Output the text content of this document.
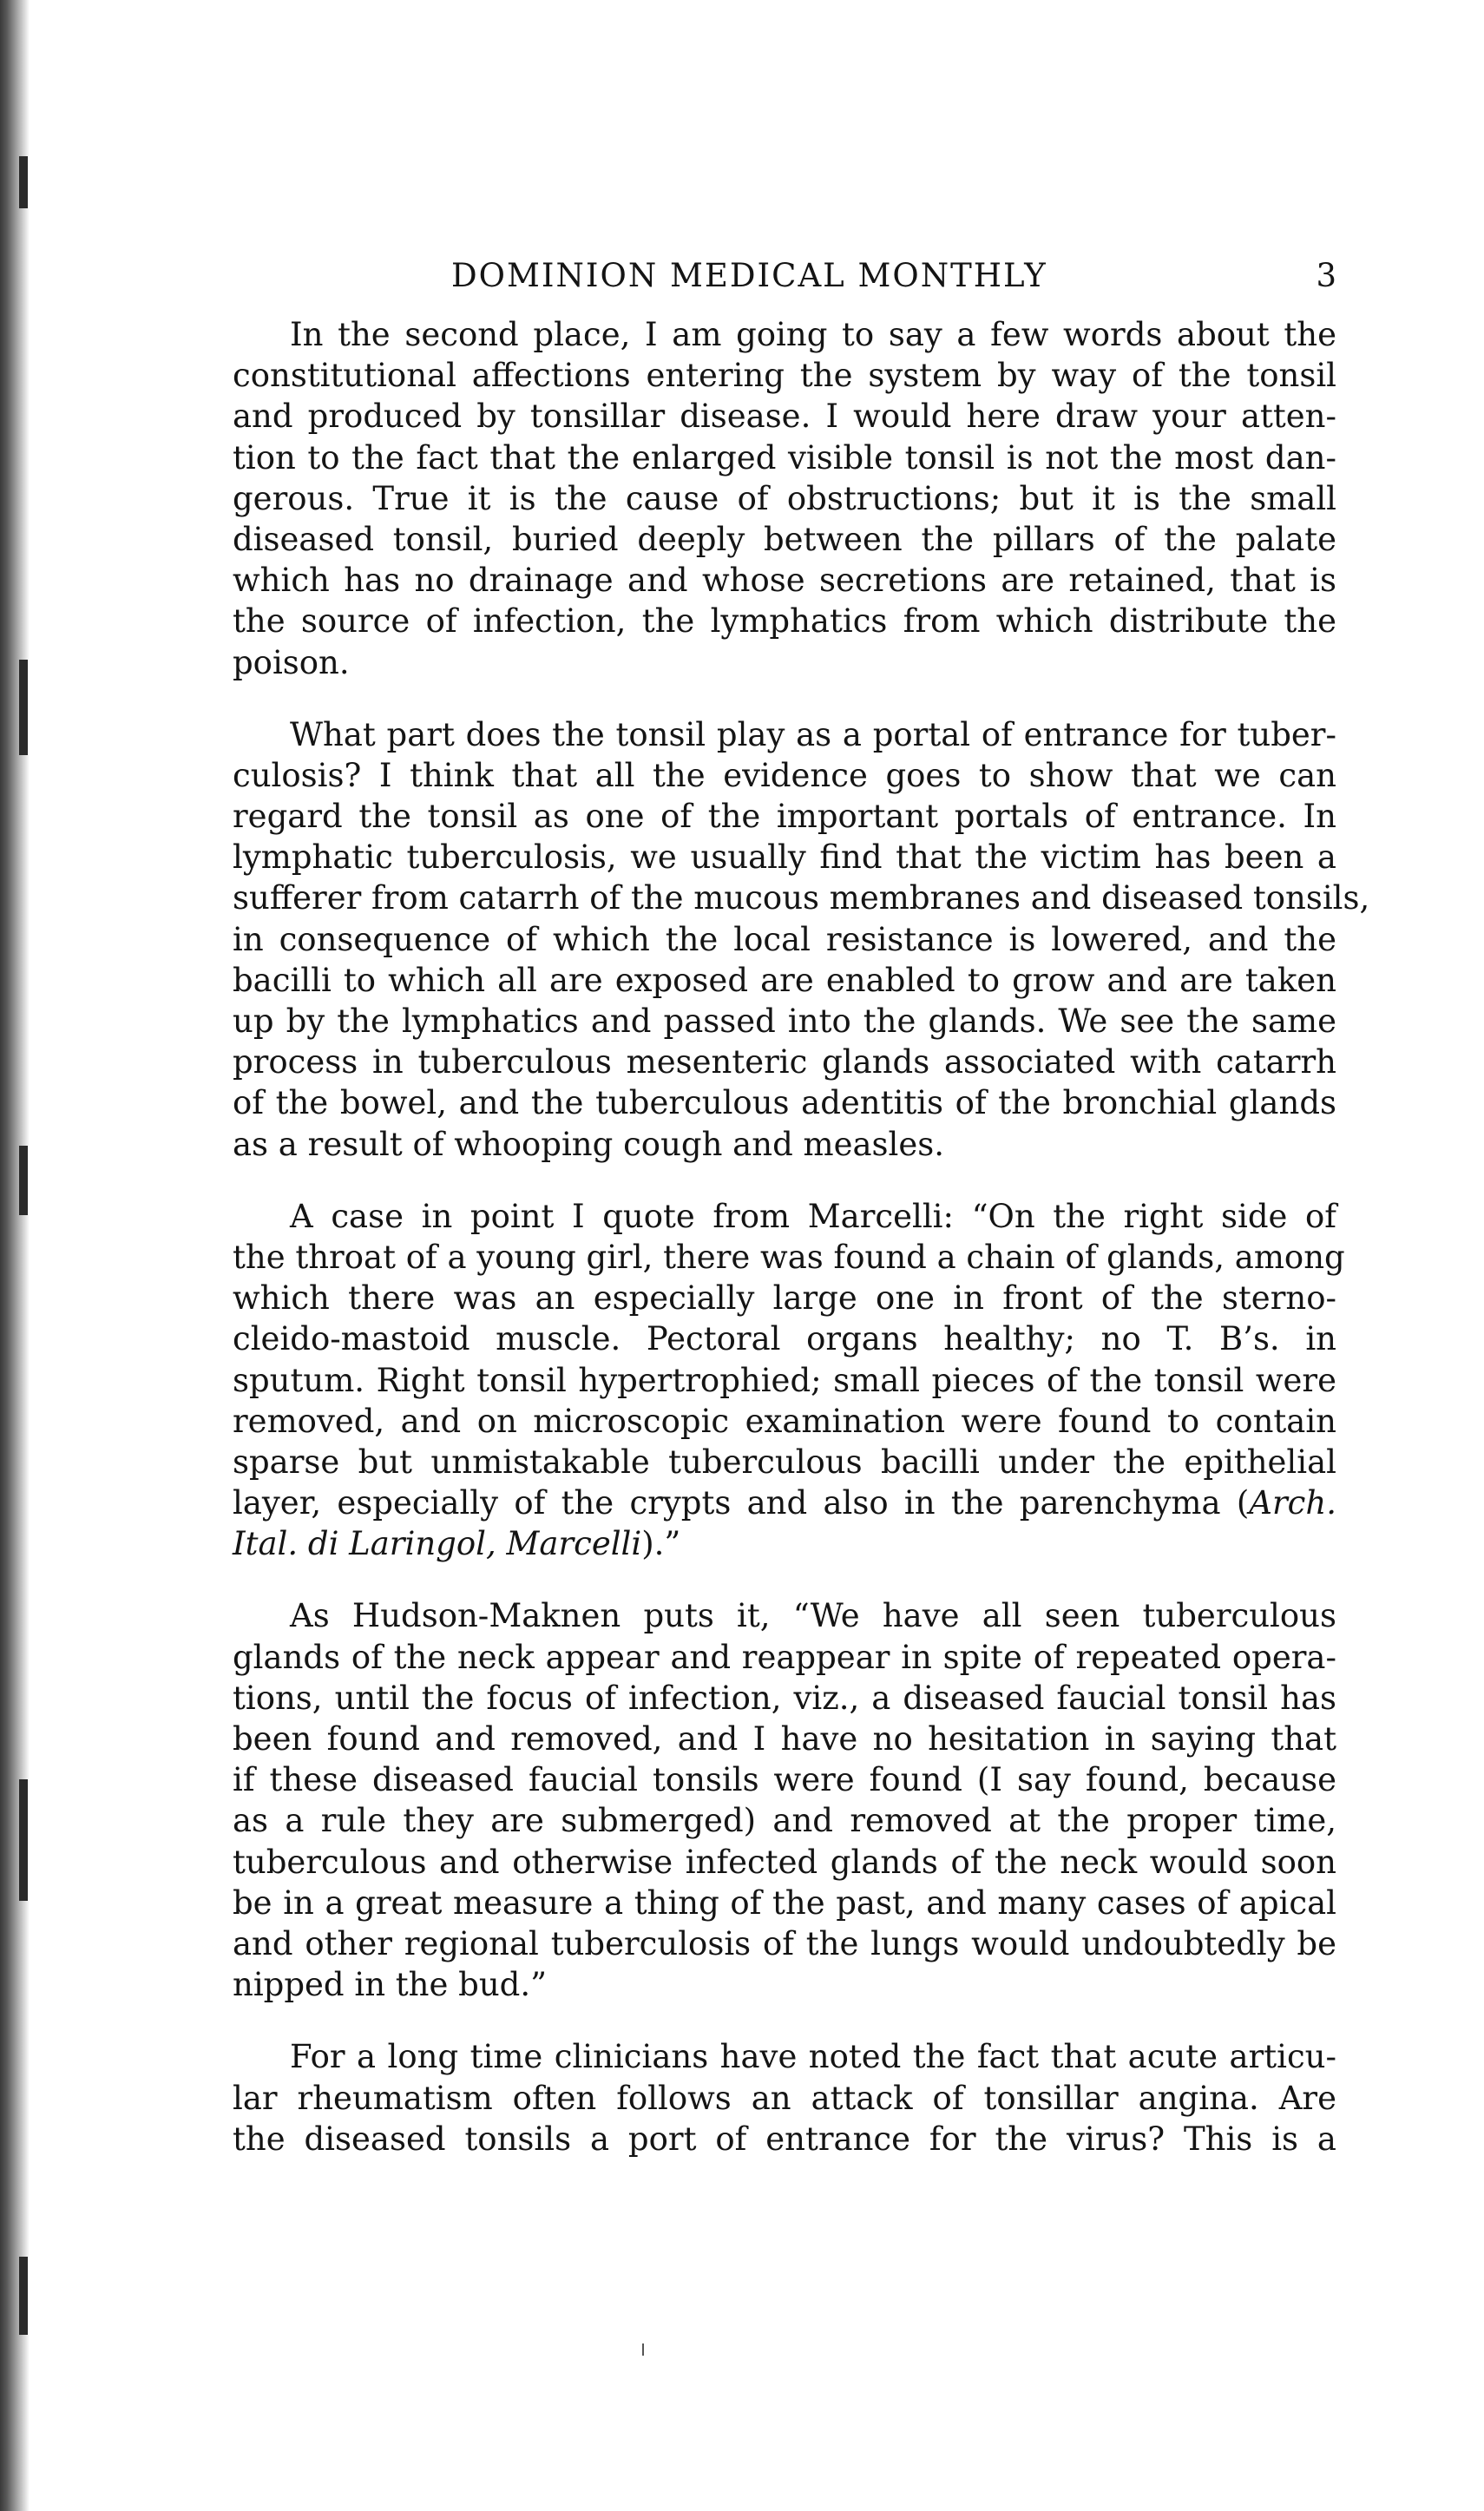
DOMINION MEDICAL MONTHLY	3

In the second place, I am going to say a few words about the
constitutional affections entering the system by way of the tonsil
and produced by tonsillar disease. I would here draw your atten-
tion to the fact that the enlarged visible tonsil is not the most dan-
gerous. True it is the cause of obstructions; but it is the small
diseased tonsil, buried deeply between the pillars of the palate
which has no drainage and whose secretions are retained, that is
the source of infection, the lymphatics from which distribute the
poison.

What part does the tonsil play as a portal of entrance for tuber-
culosis? I think that all the evidence goes to show that we can
regard the tonsil as one of the important portals of entrance. In
lymphatic tuberculosis, we usually find that the victim has been a
sufferer from catarrh of the mucous membranes and diseased tonsils,
in consequence of which the local resistance is lowered, and the
bacilli to which all are exposed are enabled to grow and are taken
up by the lymphatics and passed into the glands. We see the same
process in tuberculous mesenteric glands associated with catarrh
of the bowel, and the tuberculous adentitis of the bronchial glands
as a result of whooping cough and measles.

A case in point I quote from Marcelli: “On the right side of
the throat of a young girl, there was found a chain of glands, among
which there was an especially large one in front of the sterno-
cleido-mastoid muscle. Pectoral organs healthy; no T. B’s. in
sputum. Right tonsil hypertrophied; small pieces of the tonsil were
removed, and on microscopic examination were found to contain
sparse but unmistakable tuberculous bacilli under the epithelial
layer, especially of the crypts and also in the parenchyma (Arch.
Ital. di Laringol, Marcelli).”

As Hudson-Maknen puts it, “We have all seen tuberculous
glands of the neck appear and reappear in spite of repeated opera-
tions, until the focus of infection, viz., a diseased faucial tonsil has
been found and removed, and I have no hesitation in saying that
if these diseased faucial tonsils were found (I say found, because
as a rule they are submerged) and removed at the proper time,
tuberculous and otherwise infected glands of the neck would soon
be in a great measure a thing of the past, and many cases of apical
and other regional tuberculosis of the lungs would undoubtedly be
nipped in the bud.”

For a long time clinicians have noted the fact that acute articu-
lar rheumatism often follows an attack of tonsillar angina. Are
the diseased tonsils a port of entrance for the virus? This is a
